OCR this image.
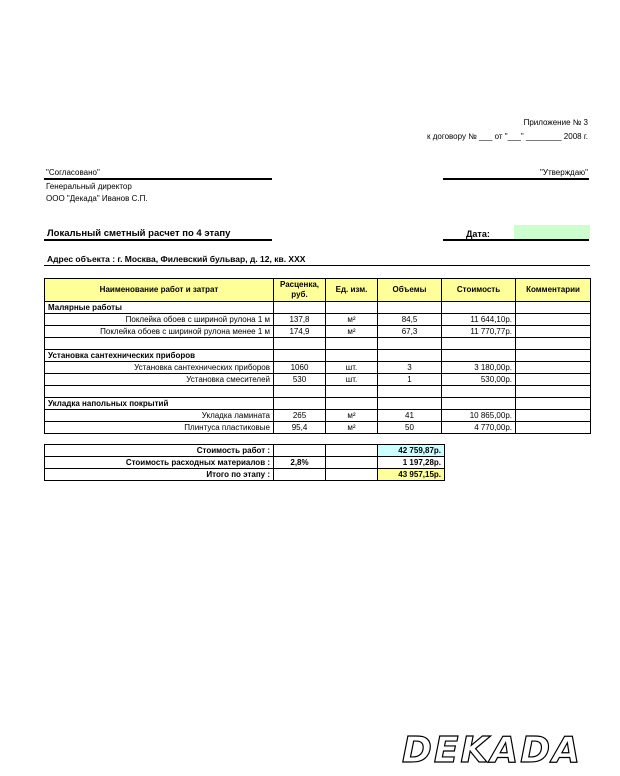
Приложение № 3
к договору № ___ от "___" ________ 2008 г.
"Согласовано"
Генеральный директор
ООО "Декада" Иванов С.П.
"Утверждаю"
Локальный сметный расчет по 4 этапу	Дата:
Адрес объекта : г. Москва, Филевский бульвар, д. 12, кв. XXX
Наименование работ и затрат	Расценка, руб.	Ед. изм.	Объемы	Стоимость	Комментарии
Малярные работы					
Поклейка обоев с шириной рулона 1 м	137,8	м²	84,5	11 644,10р.	
Поклейка обоев с шириной рулона менее 1 м	174,9	м²	67,3	11 770,77р.	

Установка сантехнических приборов					
Установка сантехнических приборов	1060	шт.	3	3 180,00р.	
Установка смесителей	530	шт.	1	530,00р.	

Укладка напольных покрытий					
Укладка ламината	265	м²	41	10 865,00р.	
Плинтуса пластиковые	95,4	м²	50	4 770,00р.	
Стоимость работ :			42 759,87р.
Стоимость расходных материалов :	2,8%		1 197,28р.
Итого по этапу :			43 957,15р.
DEKADA
